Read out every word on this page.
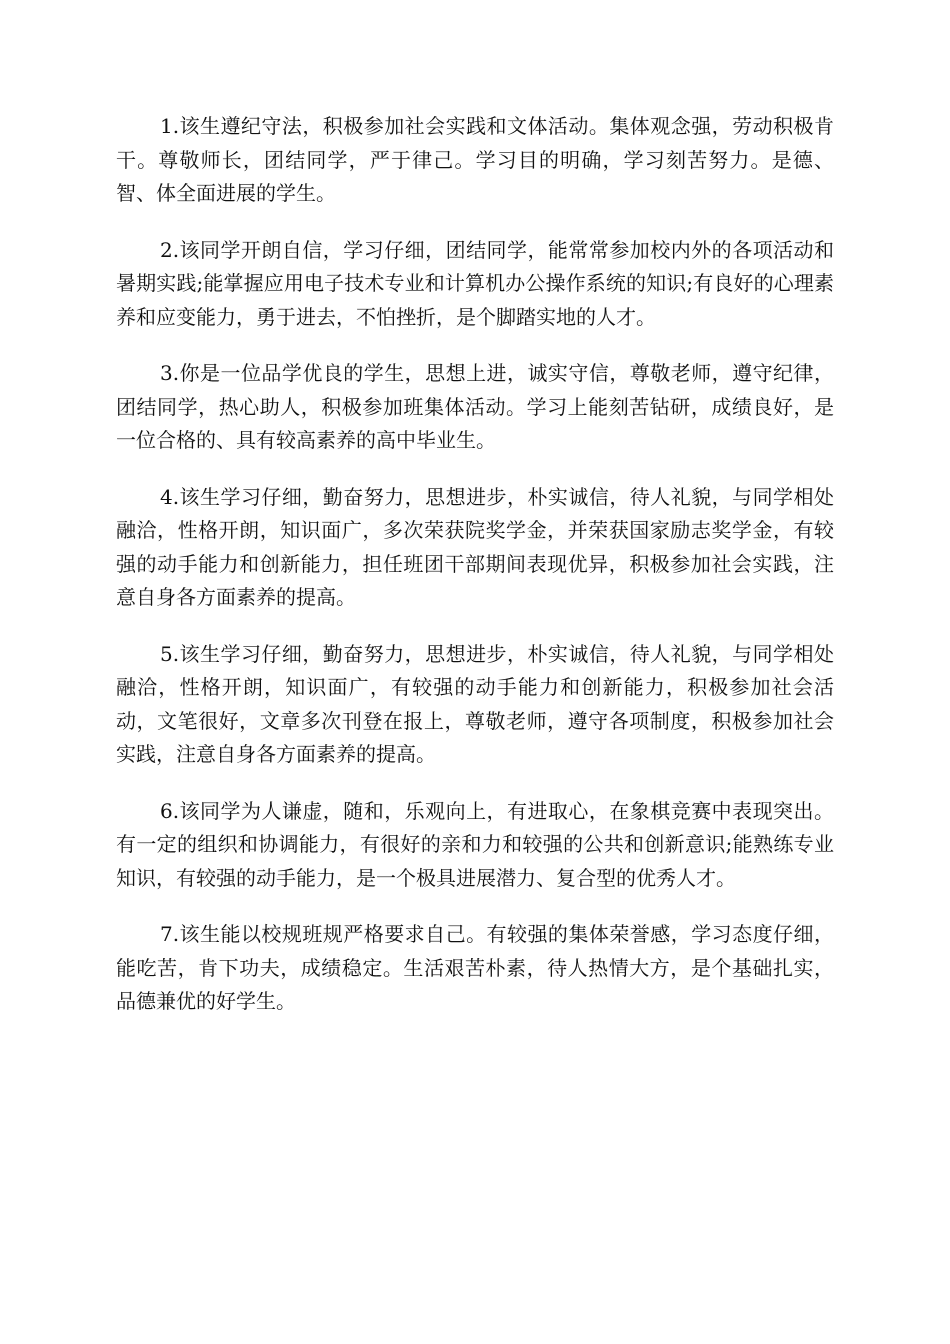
1.该生遵纪守法，积极参加社会实践和文体活动。集体观念强，劳动积极肯干。尊敬师长，团结同学，严于律己。学习目的明确，学习刻苦努力。是德、智、体全面进展的学生。

2.该同学开朗自信，学习仔细，团结同学，能常常参加校内外的各项活动和暑期实践;能掌握应用电子技术专业和计算机办公操作系统的知识;有良好的心理素养和应变能力，勇于进去，不怕挫折，是个脚踏实地的人才。

3.你是一位品学优良的学生，思想上进，诚实守信，尊敬老师，遵守纪律，团结同学，热心助人，积极参加班集体活动。学习上能刻苦钻研，成绩良好，是一位合格的、具有较高素养的高中毕业生。

4.该生学习仔细，勤奋努力，思想进步，朴实诚信，待人礼貌，与同学相处融洽，性格开朗，知识面广，多次荣获院奖学金，并荣获国家励志奖学金，有较强的动手能力和创新能力，担任班团干部期间表现优异，积极参加社会实践，注意自身各方面素养的提高。

5.该生学习仔细，勤奋努力，思想进步，朴实诚信，待人礼貌，与同学相处融洽，性格开朗，知识面广，有较强的动手能力和创新能力，积极参加社会活动，文笔很好，文章多次刊登在报上，尊敬老师，遵守各项制度，积极参加社会实践，注意自身各方面素养的提高。

6.该同学为人谦虚，随和，乐观向上，有进取心，在象棋竞赛中表现突出。有一定的组织和协调能力，有很好的亲和力和较强的公共和创新意识;能熟练专业知识，有较强的动手能力，是一个极具进展潜力、复合型的优秀人才。

7.该生能以校规班规严格要求自己。有较强的集体荣誉感，学习态度仔细，能吃苦，肯下功夫，成绩稳定。生活艰苦朴素，待人热情大方，是个基础扎实，品德兼优的好学生。
